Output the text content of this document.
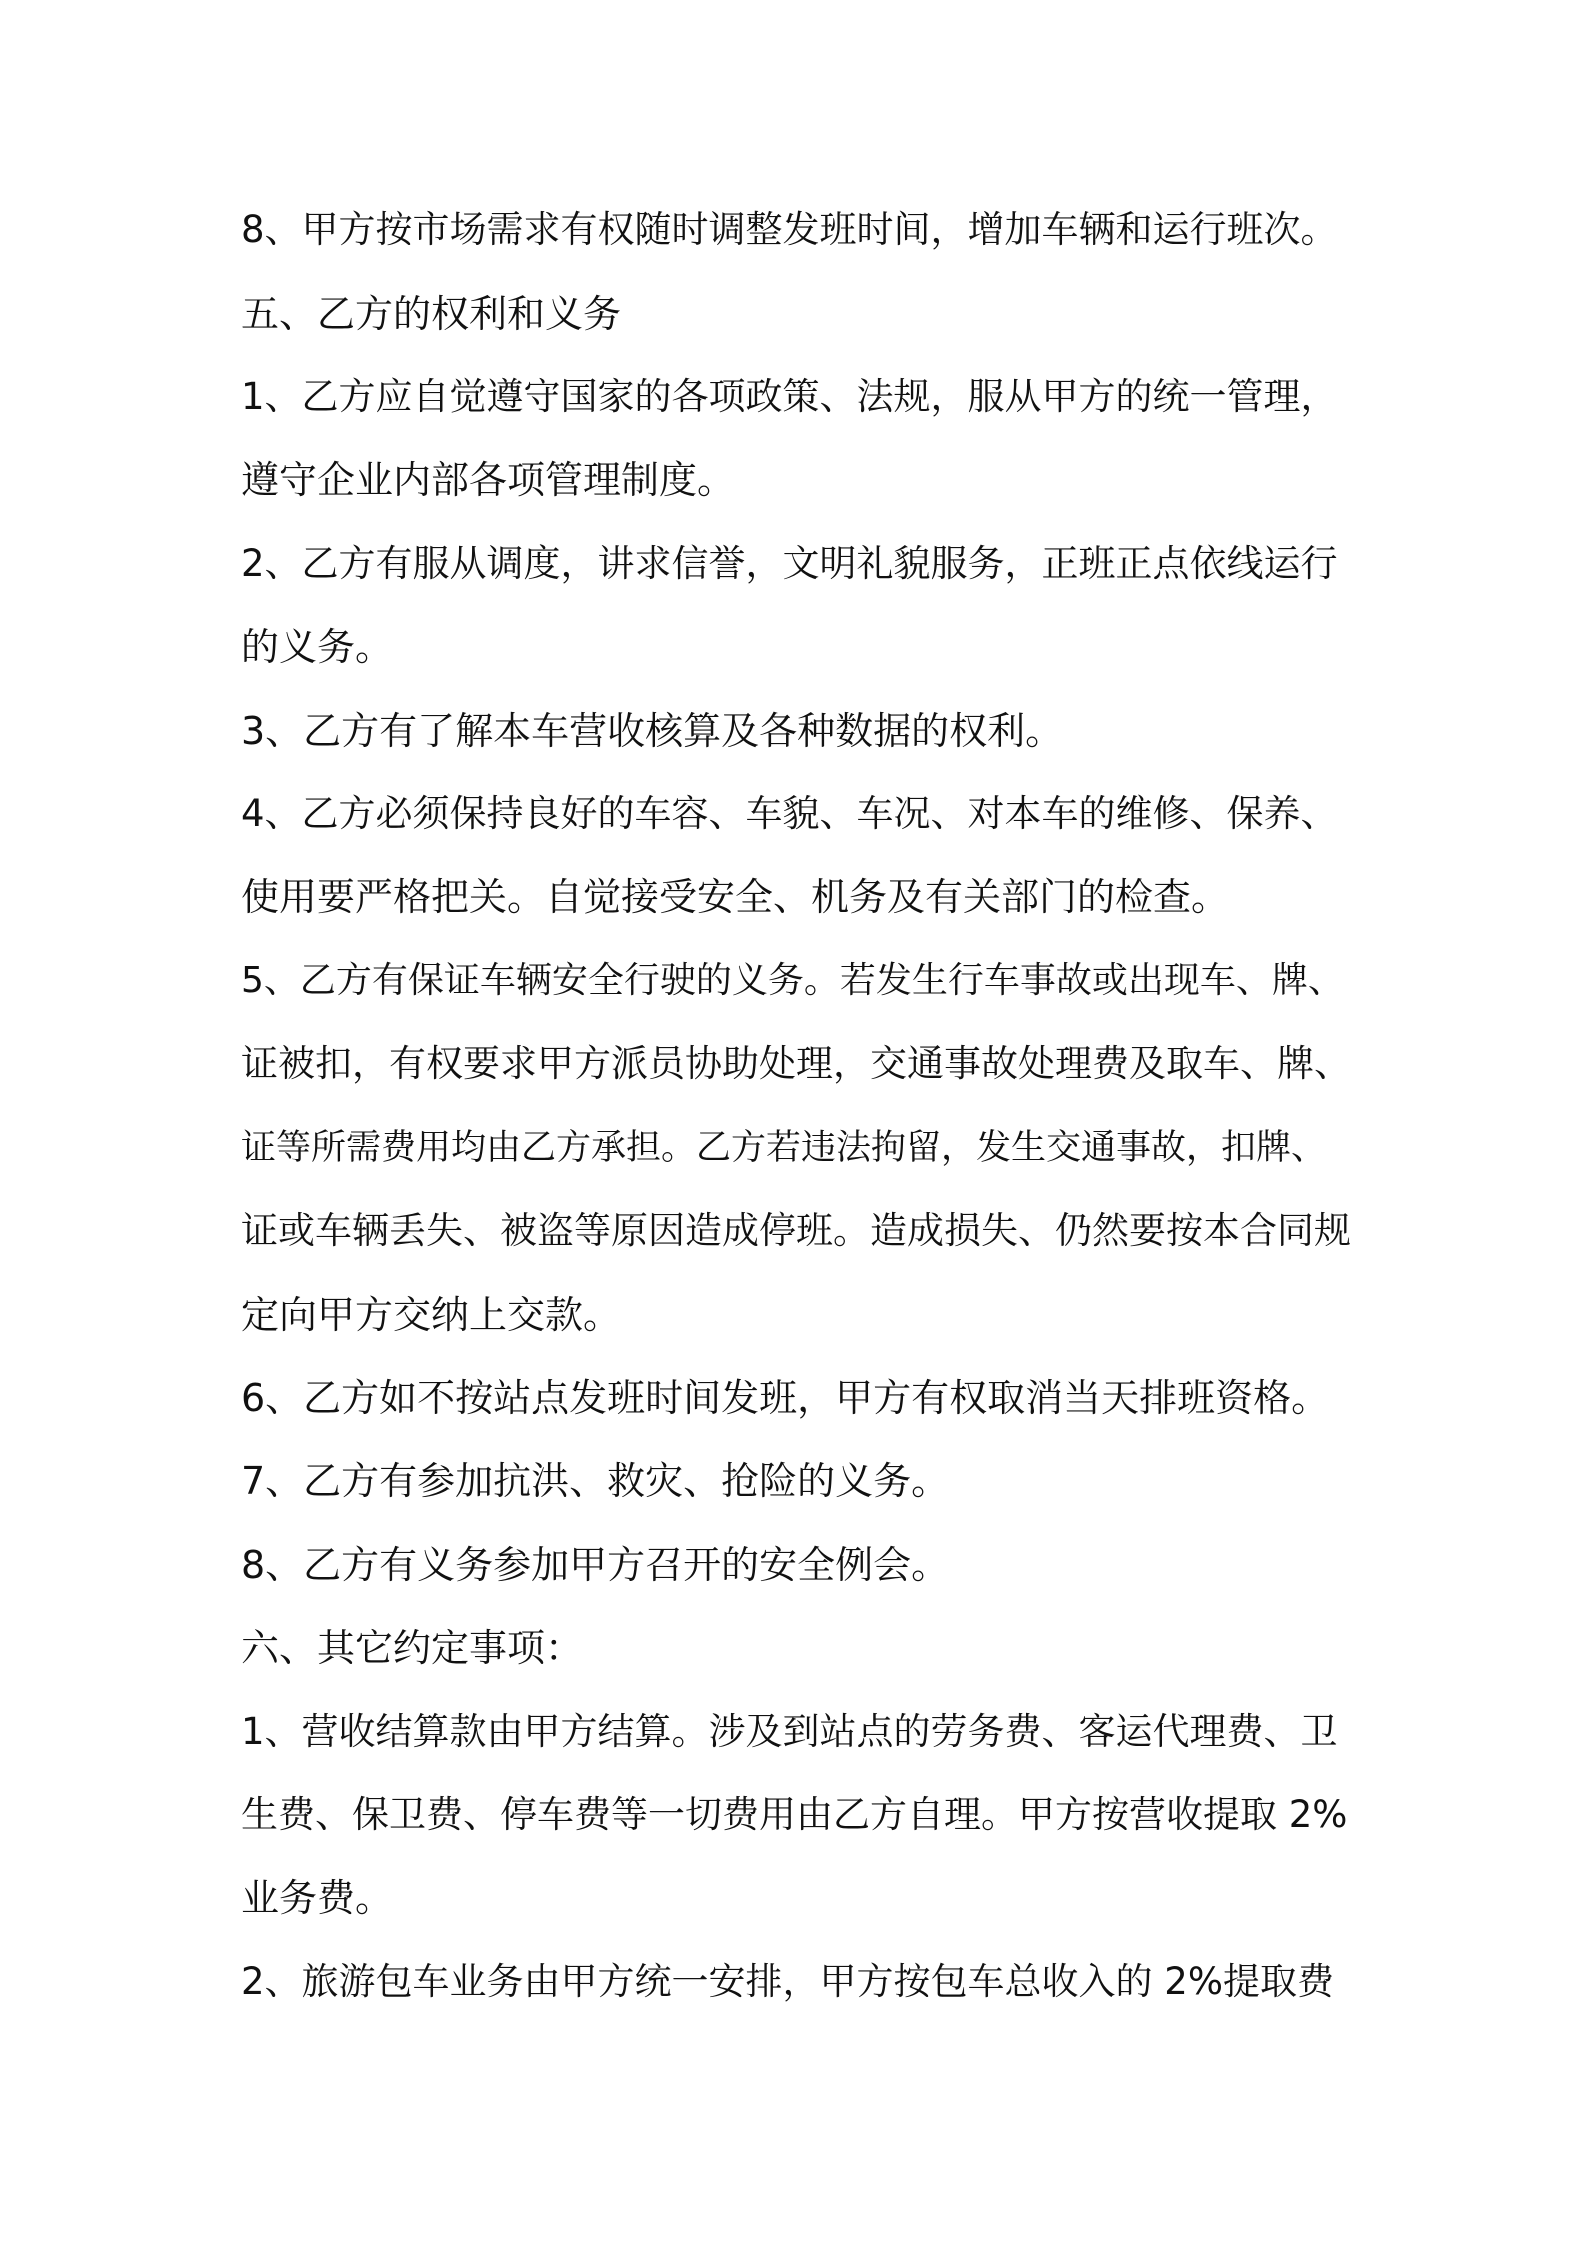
8、甲方按市场需求有权随时调整发班时间，增加车辆和运行班次。

五、乙方的权利和义务

1、乙方应自觉遵守国家的各项政策、法规，服从甲方的统一管理，

遵守企业内部各项管理制度。

2、乙方有服从调度，讲求信誉，文明礼貌服务，正班正点依线运行

的义务。

3、乙方有了解本车营收核算及各种数据的权利。

4、乙方必须保持良好的车容、车貌、车况、对本车的维修、保养、

使用要严格把关。自觉接受安全、机务及有关部门的检查。

5、乙方有保证车辆安全行驶的义务。若发生行车事故或出现车、牌、

证被扣，有权要求甲方派员协助处理，交通事故处理费及取车、牌、

证等所需费用均由乙方承担。乙方若违法拘留，发生交通事故，扣牌、

证或车辆丢失、被盗等原因造成停班。造成损失、仍然要按本合同规

定向甲方交纳上交款。

6、乙方如不按站点发班时间发班，甲方有权取消当天排班资格。

7、乙方有参加抗洪、救灾、抢险的义务。

8、乙方有义务参加甲方召开的安全例会。

六、其它约定事项：

1、营收结算款由甲方结算。涉及到站点的劳务费、客运代理费、卫

生费、保卫费、停车费等一切费用由乙方自理。甲方按营收提取 2%

业务费。

2、旅游包车业务由甲方统一安排，甲方按包车总收入的 2%提取费
